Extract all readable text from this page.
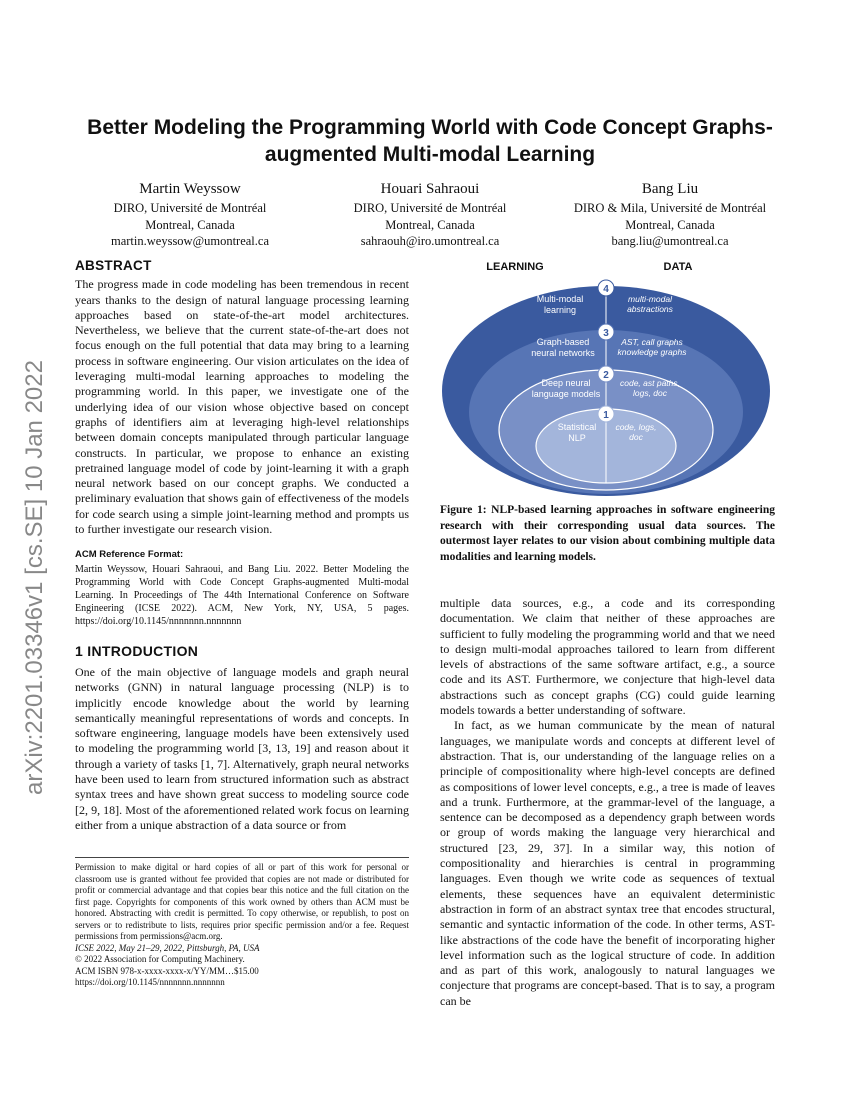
arXiv:2201.03346v1 [cs.SE] 10 Jan 2022
Better Modeling the Programming World with Code Concept Graphs-augmented Multi-modal Learning
Martin Weyssow
DIRO, Université de Montréal
Montreal, Canada
martin.weyssow@umontreal.ca
Houari Sahraoui
DIRO, Université de Montréal
Montreal, Canada
sahraouh@iro.umontreal.ca
Bang Liu
DIRO & Mila, Université de Montréal
Montreal, Canada
bang.liu@umontreal.ca
ABSTRACT

The progress made in code modeling has been tremendous in recent years thanks to the design of natural language processing learning approaches based on state-of-the-art model architectures. Nevertheless, we believe that the current state-of-the-art does not focus enough on the full potential that data may bring to a learning process in software engineering. Our vision articulates on the idea of leveraging multi-modal learning approaches to modeling the programming world. In this paper, we investigate one of the underlying idea of our vision whose objective based on concept graphs of identifiers aim at leveraging high-level relationships between domain concepts manipulated through particular language constructs. In particular, we propose to enhance an existing pretrained language model of code by joint-learning it with a graph neural network based on our concept graphs. We conducted a preliminary evaluation that shows gain of effectiveness of the models for code search using a simple joint-learning method and prompts us to further investigate our research vision.

ACM Reference Format:

Martin Weyssow, Houari Sahraoui, and Bang Liu. 2022. Better Modeling the Programming World with Code Concept Graphs-augmented Multi-modal Learning. In Proceedings of The 44th International Conference on Software Engineering (ICSE 2022). ACM, New York, NY, USA, 5 pages. https://doi.org/10.1145/nnnnnnn.nnnnnnn

1 INTRODUCTION

One of the main objective of language models and graph neural networks (GNN) in natural language processing (NLP) is to implicitly encode knowledge about the world by learning semantically meaningful representations of words and concepts. In software engineering, language models have been extensively used to modeling the programming world [3, 13, 19] and reason about it through a variety of tasks [1, 7]. Alternatively, graph neural networks have been used to learn from structured information such as abstract syntax trees and have shown great success to modeling source code [2, 9, 18]. Most of the aforementioned related work focus on learning either from a unique abstraction of a data source or from

Permission to make digital or hard copies of all or part of this work for personal or classroom use is granted without fee provided that copies are not made or distributed for profit or commercial advantage and that copies bear this notice and the full citation on the first page. Copyrights for components of this work owned by others than ACM must be honored. Abstracting with credit is permitted. To copy otherwise, or republish, to post on servers or to redistribute to lists, requires prior specific permission and/or a fee. Request permissions from permissions@acm.org.

ICSE 2022, May 21–29, 2022, Pittsburgh, PA, USA

© 2022 Association for Computing Machinery.

ACM ISBN 978-x-xxxx-xxxx-x/YY/MM…$15.00

https://doi.org/10.1145/nnnnnnn.nnnnnnn

LEARNING	DATA
4
Multi-modal
learning
multi-modal
abstractions
3
Graph-based
neural networks
AST, call graphs
knowledge graphs
2
Deep neural
language models
code, ast paths,
logs, doc
1
Statistical
NLP
code, logs,
doc
Figure 1: NLP-based learning approaches in software engineering research with their corresponding usual data sources. The outermost layer relates to our vision about combining multiple data modalities and learning models.

multiple data sources, e.g., a code and its corresponding documentation. We claim that neither of these approaches are sufficient to fully modeling the programming world and that we need to design multi-modal approaches tailored to learn from different levels of abstractions of the same software artifact, e.g., a source code and its AST. Furthermore, we conjecture that high-level data abstractions such as concept graphs (CG) could guide learning models towards a better understanding of software.

In fact, as we human communicate by the mean of natural languages, we manipulate words and concepts at different level of abstraction. That is, our understanding of the language relies on a principle of compositionality where high-level concepts are defined as compositions of lower level concepts, e.g., a tree is made of leaves and a trunk. Furthermore, at the grammar-level of the language, a sentence can be decomposed as a dependency graph between words or group of words making the language very hierarchical and structured [23, 29, 37]. In a similar way, this notion of compositionality and hierarchies is central in programming languages. Even though we write code as sequences of textual elements, these sequences have an equivalent deterministic abstraction in form of an abstract syntax tree that encodes structural, semantic and syntactic information of the code. In other terms, AST-like abstractions of the code have the benefit of incorporating higher level information such as the logical structure of code. In addition and as part of this work, analogously to natural languages we conjecture that programs are concept-based. That is to say, a program can be
